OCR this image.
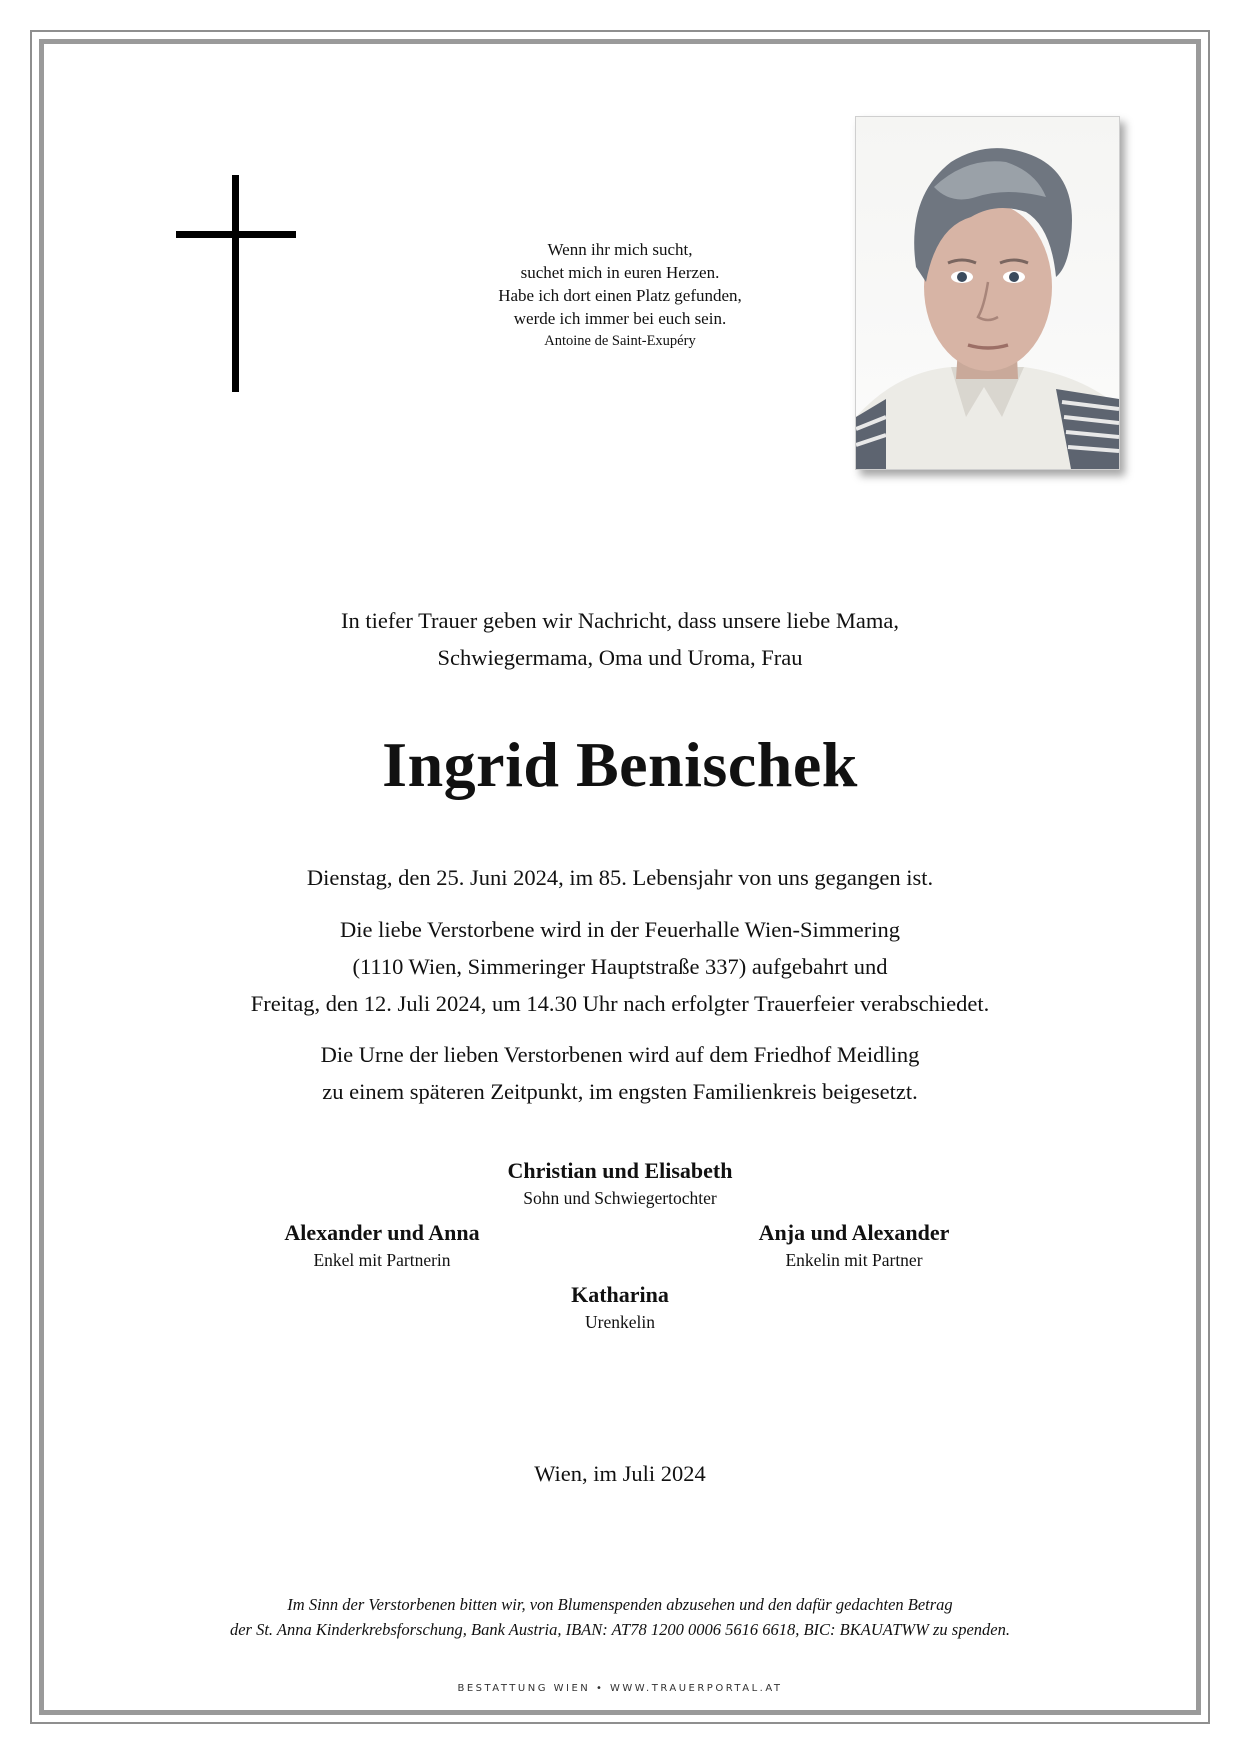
Wenn ihr mich sucht,
suchet mich in euren Herzen.
Habe ich dort einen Platz gefunden,
werde ich immer bei euch sein.
Antoine de Saint-Exupéry
In tiefer Trauer geben wir Nachricht, dass unsere liebe Mama,
Schwiegermama, Oma und Uroma, Frau
Ingrid Benischek
Dienstag, den 25. Juni 2024, im 85. Lebensjahr von uns gegangen ist.
Die liebe Verstorbene wird in der Feuerhalle Wien-Simmering
(1110 Wien, Simmeringer Hauptstraße 337) aufgebahrt und
Freitag, den 12. Juli 2024, um 14.30 Uhr nach erfolgter Trauerfeier verabschiedet.
Die Urne der lieben Verstorbenen wird auf dem Friedhof Meidling
zu einem späteren Zeitpunkt, im engsten Familienkreis beigesetzt.
Christian und Elisabeth
Sohn und Schwiegertochter
Alexander und Anna
Enkel mit Partnerin
Anja und Alexander
Enkelin mit Partner
Katharina
Urenkelin
Wien, im Juli 2024
Im Sinn der Verstorbenen bitten wir, von Blumenspenden abzusehen und den dafür gedachten Betrag
der St. Anna Kinderkrebsforschung, Bank Austria, IBAN: AT78 1200 0006 5616 6618, BIC: BKAUATWW zu spenden.
BESTATTUNG WIEN • WWW.TRAUERPORTAL.AT
